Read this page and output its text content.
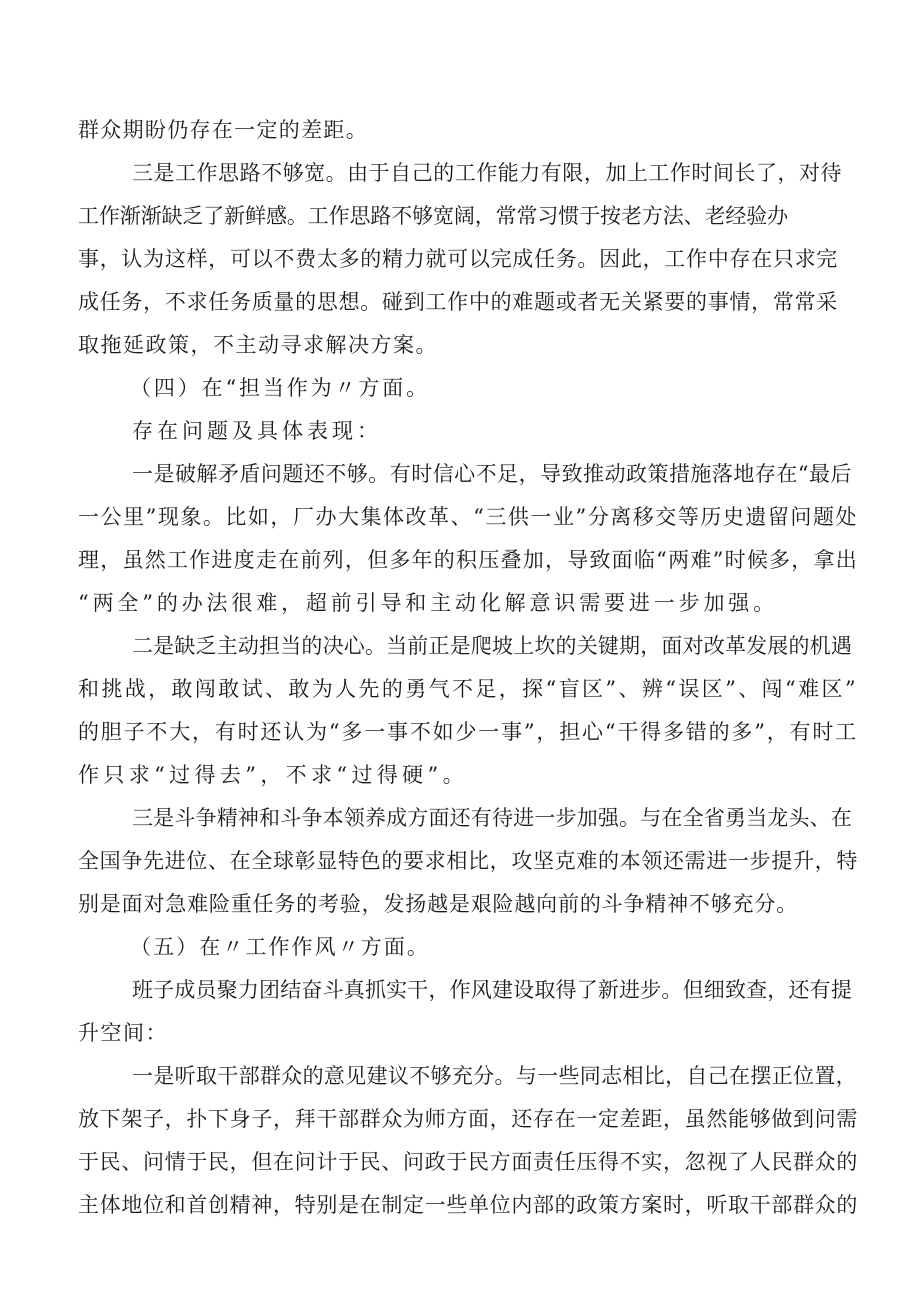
群众期盼仍存在一定的差距。
三是工作思路不够宽。由于自己的工作能力有限，加上工作时间长了，对待
工作渐渐缺乏了新鲜感。工作思路不够宽阔，常常习惯于按老方法、老经验办
事，认为这样，可以不费太多的精力就可以完成任务。因此，工作中存在只求完
成任务，不求任务质量的思想。碰到工作中的难题或者无关紧要的事情，常常采
取拖延政策，不主动寻求解决方案。
（四）在“担当作为〃方面。
存在问题及具体表现：
一是破解矛盾问题还不够。有时信心不足，导致推动政策措施落地存在“最后
一公里”现象。比如，厂办大集体改革、“三供一业”分离移交等历史遗留问题处
理，虽然工作进度走在前列，但多年的积压叠加，导致面临“两难”时候多，拿出
“两全”的办法很难，超前引导和主动化解意识需要进一步加强。
二是缺乏主动担当的决心。当前正是爬坡上坎的关键期，面对改革发展的机遇
和挑战，敢闯敢试、敢为人先的勇气不足，探“盲区”、辨“误区”、闯“难区”
的胆子不大，有时还认为“多一事不如少一事”，担心“干得多错的多”，有时工
作只求“过得去”，不求“过得硬”。
三是斗争精神和斗争本领养成方面还有待进一步加强。与在全省勇当龙头、在
全国争先进位、在全球彰显特色的要求相比，攻坚克难的本领还需进一步提升，特
别是面对急难险重任务的考验，发扬越是艰险越向前的斗争精神不够充分。
（五）在〃工作作风〃方面。
班子成员聚力团结奋斗真抓实干，作风建设取得了新进步。但细致查，还有提
升空间：
一是听取干部群众的意见建议不够充分。与一些同志相比，自己在摆正位置，
放下架子，扑下身子，拜干部群众为师方面，还存在一定差距，虽然能够做到问需
于民、问情于民，但在问计于民、问政于民方面责任压得不实，忽视了人民群众的
主体地位和首创精神，特别是在制定一些单位内部的政策方案时，听取干部群众的
